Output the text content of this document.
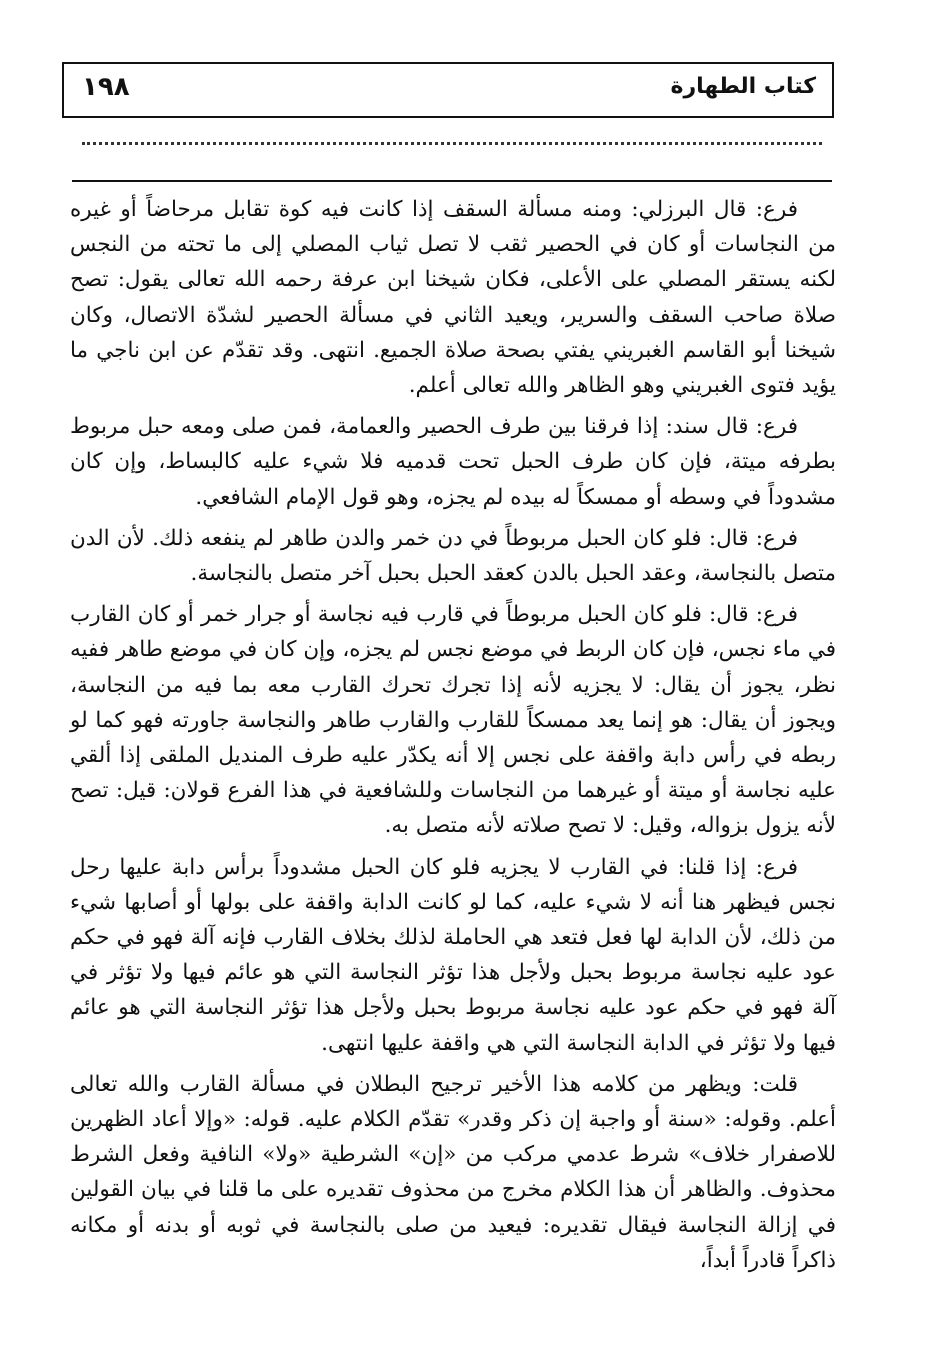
١٩٨	كتاب الطهارة

فرع: قال البرزلي: ومنه مسألة السقف إذا كانت فيه كوة تقابل مرحاضاً أو غيره من النجاسات أو كان في الحصير ثقب لا تصل ثياب المصلي إلى ما تحته من النجس لكنه يستقر المصلي على الأعلى، فكان شيخنا ابن عرفة رحمه الله تعالى يقول: تصح صلاة صاحب السقف والسرير، ويعيد الثاني في مسألة الحصير لشدّة الاتصال، وكان شيخنا أبو القاسم الغبريني يفتي بصحة صلاة الجميع. انتهى. وقد تقدّم عن ابن ناجي ما يؤيد فتوى الغبريني وهو الظاهر والله تعالى أعلم.

فرع: قال سند: إذا فرقنا بين طرف الحصير والعمامة، فمن صلى ومعه حبل مربوط بطرفه ميتة، فإن كان طرف الحبل تحت قدميه فلا شيء عليه كالبساط، وإن كان مشدوداً في وسطه أو ممسكاً له بيده لم يجزه، وهو قول الإمام الشافعي.

فرع: قال: فلو كان الحبل مربوطاً في دن خمر والدن طاهر لم ينفعه ذلك. لأن الدن متصل بالنجاسة، وعقد الحبل بالدن كعقد الحبل بحبل آخر متصل بالنجاسة.

فرع: قال: فلو كان الحبل مربوطاً في قارب فيه نجاسة أو جرار خمر أو كان القارب في ماء نجس، فإن كان الربط في موضع نجس لم يجزه، وإن كان في موضع طاهر ففيه نظر، يجوز أن يقال: لا يجزيه لأنه إذا تجرك تحرك القارب معه بما فيه من النجاسة، ويجوز أن يقال: هو إنما يعد ممسكاً للقارب والقارب طاهر والنجاسة جاورته فهو كما لو ربطه في رأس دابة واقفة على نجس إلا أنه يكدّر عليه طرف المنديل الملقى إذا ألقي عليه نجاسة أو ميتة أو غيرهما من النجاسات وللشافعية في هذا الفرع قولان: قيل: تصح لأنه يزول بزواله، وقيل: لا تصح صلاته لأنه متصل به.

فرع: إذا قلنا: في القارب لا يجزيه فلو كان الحبل مشدوداً برأس دابة عليها رحل نجس فيظهر هنا أنه لا شيء عليه، كما لو كانت الدابة واقفة على بولها أو أصابها شيء من ذلك، لأن الدابة لها فعل فتعد هي الحاملة لذلك بخلاف القارب فإنه آلة فهو في حكم عود عليه نجاسة مربوط بحبل ولأجل هذا تؤثر النجاسة التي هو عائم فيها ولا تؤثر في آلة فهو في حكم عود عليه نجاسة مربوط بحبل ولأجل هذا تؤثر النجاسة التي هو عائم فيها ولا تؤثر في الدابة النجاسة التي هي واقفة عليها انتهى.

قلت: ويظهر من كلامه هذا الأخير ترجيح البطلان في مسألة القارب والله تعالى أعلم. وقوله: «سنة أو واجبة إن ذكر وقدر» تقدّم الكلام عليه. قوله: «وإلا أعاد الظهرين للاصفرار خلاف» شرط عدمي مركب من «إن» الشرطية «ولا» النافية وفعل الشرط محذوف. والظاهر أن هذا الكلام مخرج من محذوف تقديره على ما قلنا في بيان القولين في إزالة النجاسة فيقال تقديره: فيعيد من صلى بالنجاسة في ثوبه أو بدنه أو مكانه ذاكراً قادراً أبداً،
